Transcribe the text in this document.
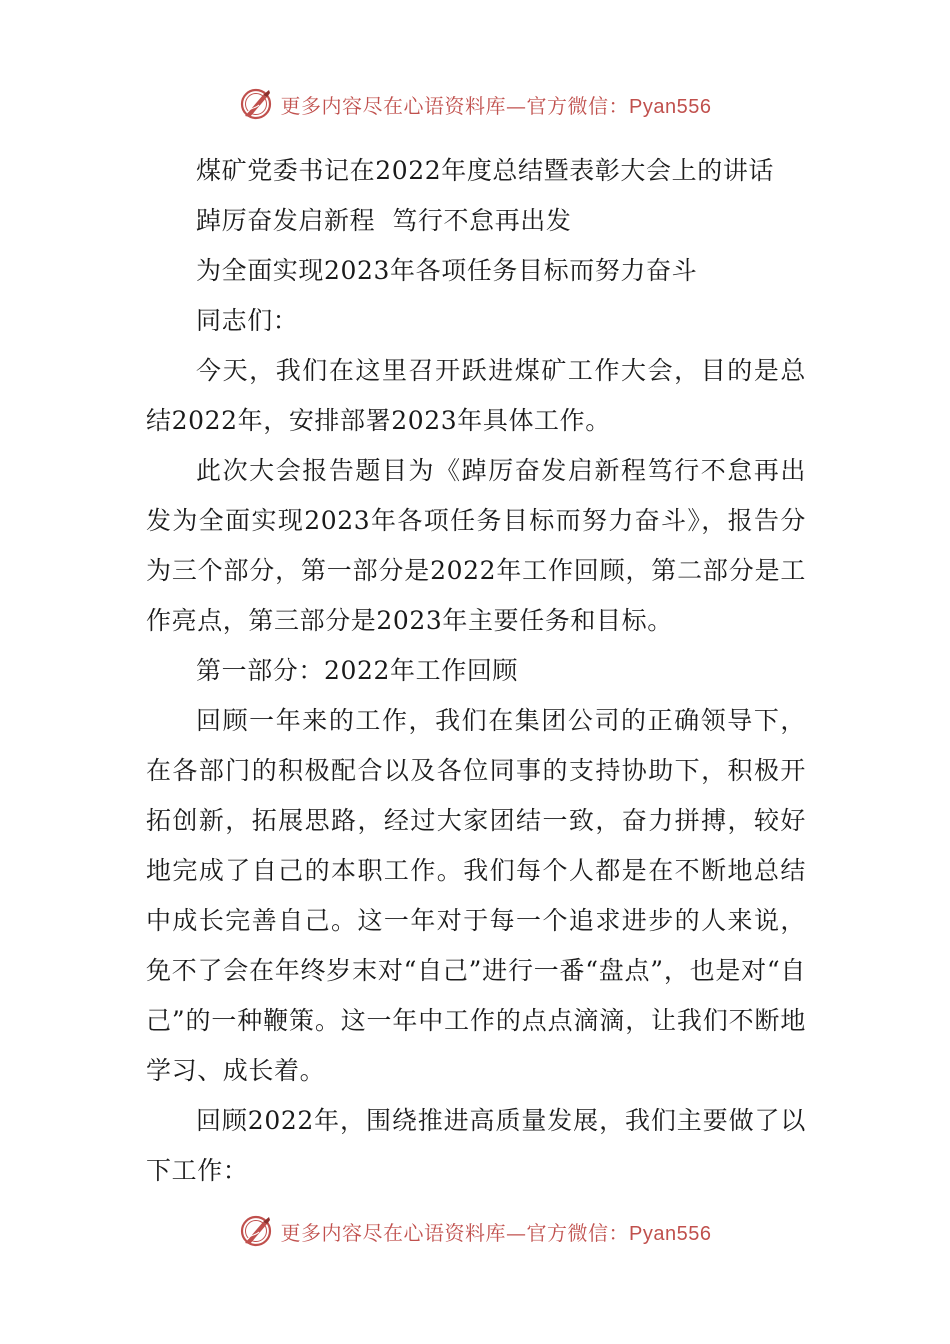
更多内容尽在心语资料库—官方微信：Pyan556
煤矿党委书记在2022年度总结暨表彰大会上的讲话
踔厉奋发启新程  笃行不怠再出发
为全面实现2023年各项任务目标而努力奋斗
同志们：

今天，我们在这里召开跃进煤矿工作大会，目的是总结2022年，安排部署2023年具体工作。

此次大会报告题目为《踔厉奋发启新程笃行不怠再出发为全面实现2023年各项任务目标而努力奋斗》，报告分为三个部分，第一部分是2022年工作回顾，第二部分是工作亮点，第三部分是2023年主要任务和目标。

第一部分：2022年工作回顾

回顾一年来的工作，我们在集团公司的正确领导下，在各部门的积极配合以及各位同事的支持协助下，积极开拓创新，拓展思路，经过大家团结一致，奋力拼搏，较好地完成了自己的本职工作。我们每个人都是在不断地总结中成长完善自己。这一年对于每一个追求进步的人来说，免不了会在年终岁末对“自己”进行一番“盘点”，也是对“自己”的一种鞭策。这一年中工作的点点滴滴，让我们不断地学习、成长着。

回顾2022年，围绕推进高质量发展，我们主要做了以下工作：

更多内容尽在心语资料库—官方微信：Pyan556
